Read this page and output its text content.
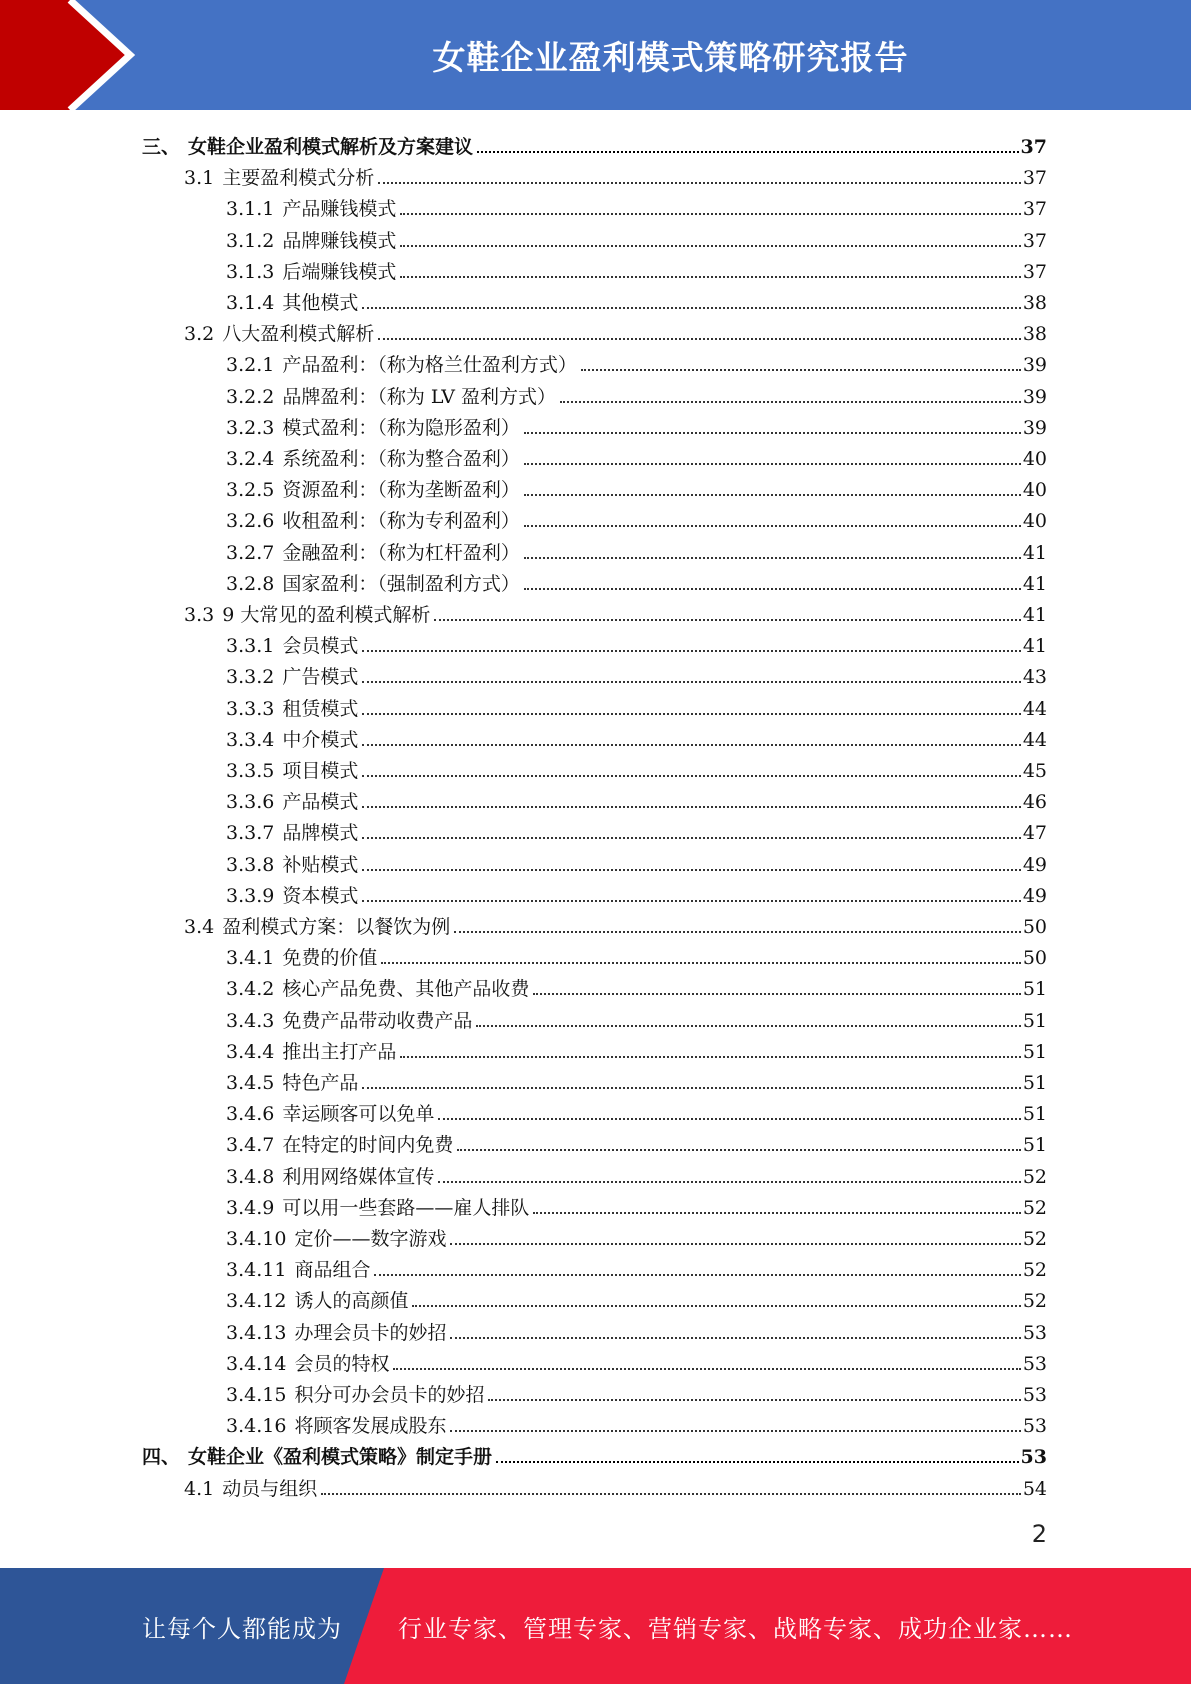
女鞋企业盈利模式策略研究报告
三、 女鞋企业盈利模式解析及方案建议	37
3.1 主要盈利模式分析	37
3.1.1 产品赚钱模式	37
3.1.2 品牌赚钱模式	37
3.1.3 后端赚钱模式	37
3.1.4 其他模式	38
3.2 八大盈利模式解析	38
3.2.1 产品盈利：（称为格兰仕盈利方式）	39
3.2.2 品牌盈利：（称为 LV 盈利方式）	39
3.2.3 模式盈利：（称为隐形盈利）	39
3.2.4 系统盈利：（称为整合盈利）	40
3.2.5 资源盈利：（称为垄断盈利）	40
3.2.6 收租盈利：（称为专利盈利）	40
3.2.7 金融盈利：（称为杠杆盈利）	41
3.2.8 国家盈利：（强制盈利方式）	41
3.3 9 大常见的盈利模式解析	41
3.3.1 会员模式	41
3.3.2 广告模式	43
3.3.3 租赁模式	44
3.3.4 中介模式	44
3.3.5 项目模式	45
3.3.6 产品模式	46
3.3.7 品牌模式	47
3.3.8 补贴模式	49
3.3.9 资本模式	49
3.4 盈利模式方案：以餐饮为例	50
3.4.1 免费的价值	50
3.4.2 核心产品免费、其他产品收费	51
3.4.3 免费产品带动收费产品	51
3.4.4 推出主打产品	51
3.4.5 特色产品	51
3.4.6 幸运顾客可以免单	51
3.4.7 在特定的时间内免费	51
3.4.8 利用网络媒体宣传	52
3.4.9 可以用一些套路——雇人排队	52
3.4.10 定价——数字游戏	52
3.4.11 商品组合	52
3.4.12 诱人的高颜值	52
3.4.13 办理会员卡的妙招	53
3.4.14 会员的特权	53
3.4.15 积分可办会员卡的妙招	53
3.4.16 将顾客发展成股东	53
四、 女鞋企业《盈利模式策略》制定手册	53
4.1 动员与组织	54
2
让每个人都能成为 行业专家、管理专家、营销专家、战略专家、成功企业家……
